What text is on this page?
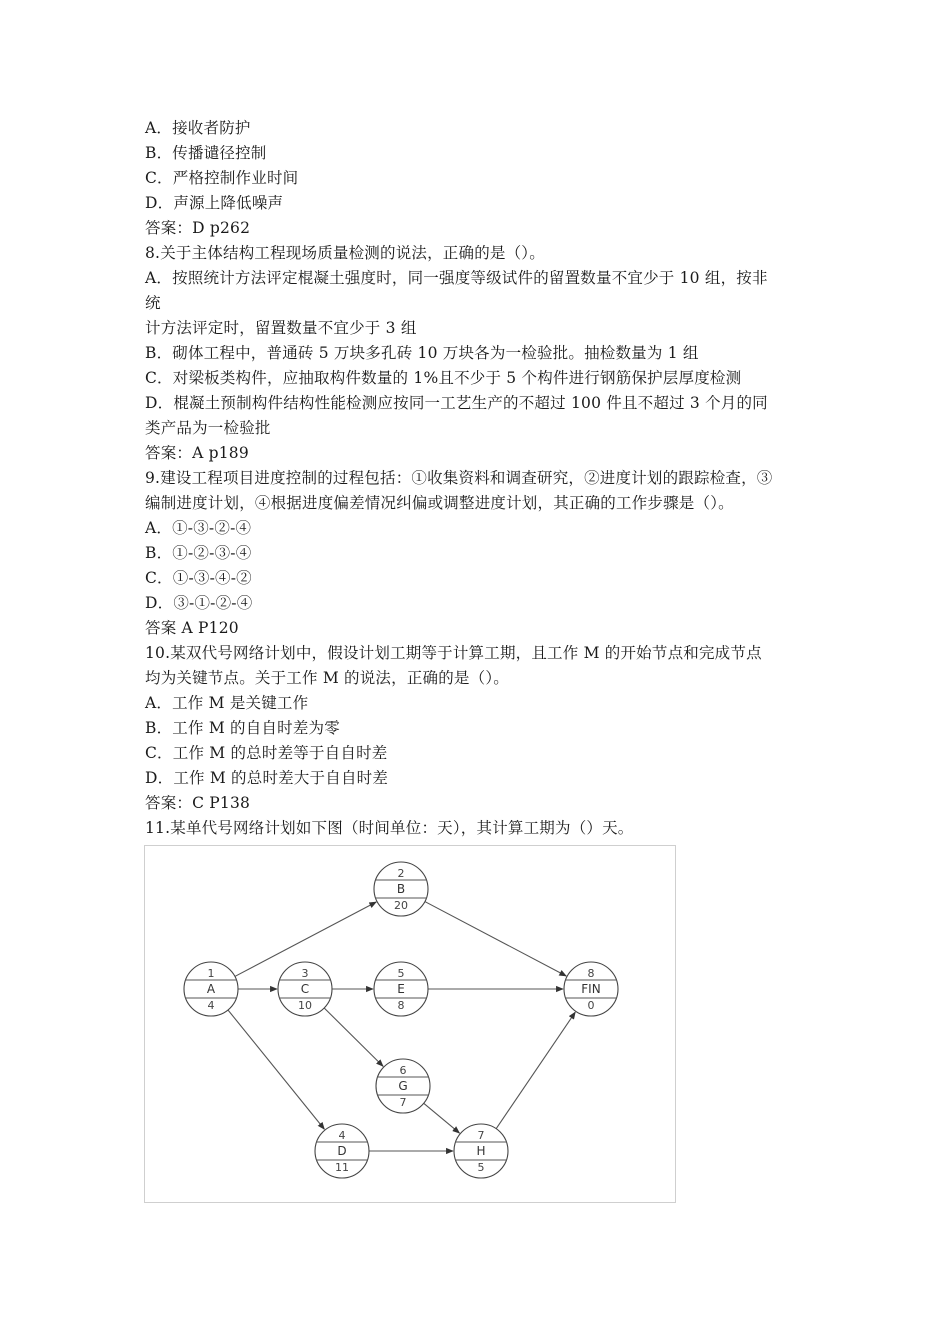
A．接收者防护
B．传播谴径控制
C．严格控制作业时间
D．声源上降低噪声
答案：D p262
8.关于主体结构工程现场质量检测的说法，正确的是（）。
A．按照统计方法评定棍凝土强度时，同一强度等级试件的留置数量不宜少于 10 组，按非
统
计方法评定时，留置数量不宜少于 3 组
B．砌体工程中，普通砖 5 万块多孔砖 10 万块各为一检验批。抽检数量为 1 组
C．对梁板类构件，应抽取构件数量的 1%且不少于 5 个构件进行钢筋保护层厚度检测
D．棍凝土预制构件结构性能检测应按同一工艺生产的不超过 100 件且不超过 3 个月的同
类产品为一检验批
答案：A p189
9.建设工程项目进度控制的过程包括：①收集资料和调查研究，②进度计划的跟踪检查，③
编制进度计划，④根据进度偏差情况纠偏或调整进度计划，其正确的工作步骤是（）。
A．①-③-②-④
B．①-②-③-④
C．①-③-④-②
D．③-①-②-④
答案 A P120
10.某双代号网络计划中，假设计划工期等于计算工期，且工作 M 的开始节点和完成节点
均为关键节点。关于工作 M 的说法，正确的是（）。
A．工作 M 是关键工作
B．工作 M 的自自时差为零
C．工作 M 的总时差等于自自时差
D．工作 M 的总时差大于自自时差
答案：C P138
11.某单代号网络计划如下图（时间单位：天），其计算工期为（）天。
1
A
4
2
B
20
3
C
10
4
D
11
5
E
8
6
G
7
7
H
5
8
FIN
0
